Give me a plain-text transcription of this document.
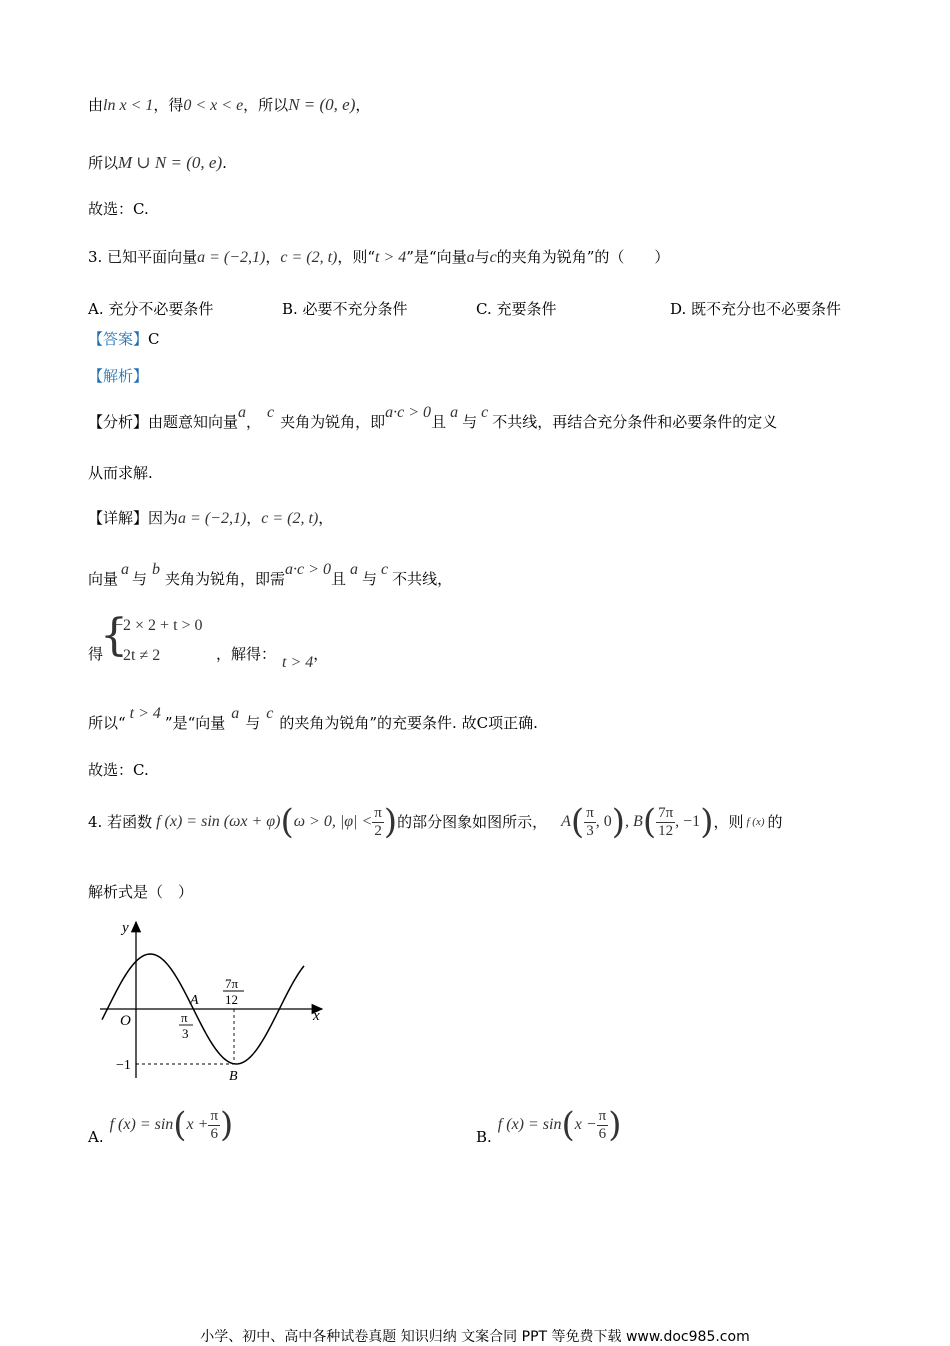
由ln x < 1，得0 < x < e，所以N = (0, e)，
所以M ∪ N = (0, e).
故选：C.
3. 已知平面向量a = (−2,1)，c = (2, t)，则“t > 4”是“向量a与c的夹角为锐角”的（　　）
A. 充分不必要条件	B. 必要不充分条件	C. 充要条件	D. 既不充分也不必要条件
【答案】C
【解析】
【分析】由题意知向量a，c夹角为锐角，即a·c > 0且a与c不共线，再结合充分条件和必要条件的定义
从而求解.
【详解】因为a = (−2,1)，c = (2, t)，
向量a与b夹角为锐角，即需a·c > 0且a与c不共线，
得
{
−2 × 2 + t > 0
−2t ≠ 2	，解得： t > 4，
所以“t > 4”是“向量a与c的夹角为锐角”的充要条件. 故C项正确.
故选：C.
4. 若函数 f (x) = sin (ωx + φ) ( ω > 0, $|\varphi| < \frac{\pi}{2}$ ) 的部分图象如图所示， A ( $\frac{\pi}{3}$ , 0 ) , B ( $\frac{7\pi}{12}$ , −1 ) ，则 f (x) 的
解析式是（　）
y
x
O
A
B
7π
12
π
3
−1
A.
f (x) = sin ( $x + \frac{\pi}{6}$ )	B.
f (x) = sin ( $x - \frac{\pi}{6}$ )
小学、初中、高中各种试卷真题 知识归纳 文案合同 PPT 等免费下载 www.doc985.com
